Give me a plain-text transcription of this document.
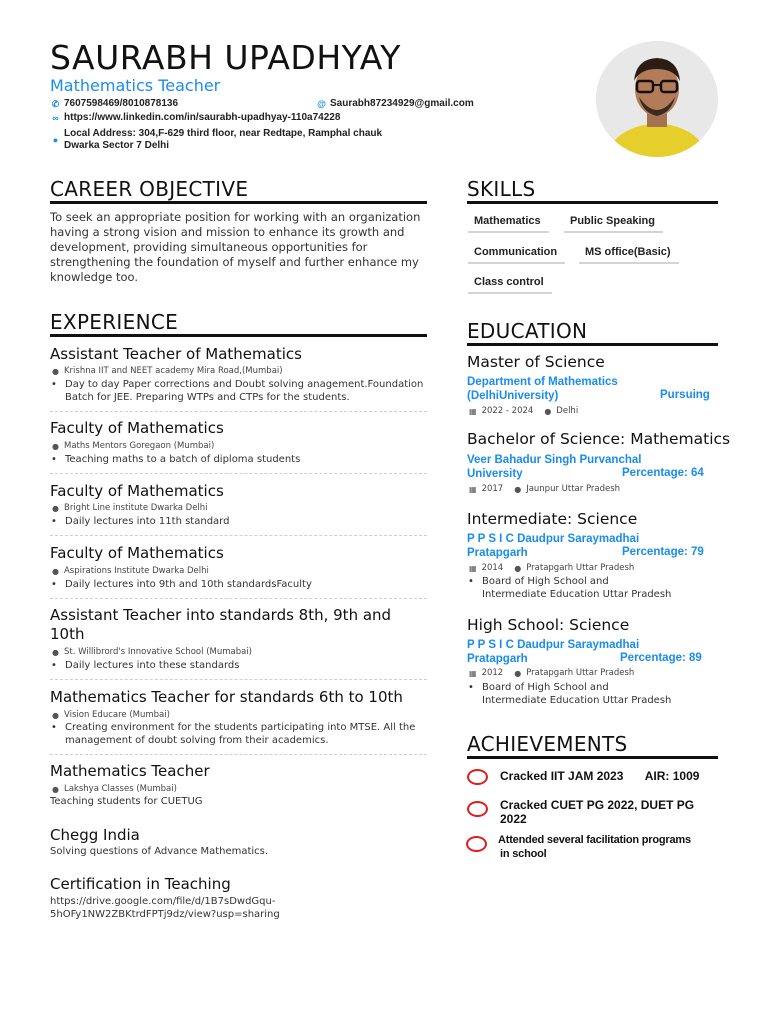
SAURABH UPADHYAY
Mathematics Teacher
✆ 7607598469/8010878136	@ Saurabh87234929@gmail.com
∞ https://www.linkedin.com/in/saurabh-upadhyay-110a74228
●
Local Address: 304,F-629 third floor, near Redtape, Ramphal chauk
Dwarka Sector 7 Delhi
CAREER OBJECTIVE
To seek an appropriate position for working with an organization
having a strong vision and mission to enhance its growth and
development, providing simultaneous opportunities for
strengthening the foundation of myself and further enhance my
knowledge too.
EXPERIENCE
Assistant Teacher of Mathematics
● Krishna IIT and NEET academy Mira Road,(Mumbai)
• Day to day Paper corrections and Doubt solving anagement.Foundation
Batch for JEE. Preparing WTPs and CTPs for the students.
Faculty of Mathematics
● Maths Mentors Goregaon (Mumbai)
• Teaching maths to a batch of diploma students
Faculty of Mathematics
● Bright Line institute Dwarka Delhi
• Daily lectures into 11th standard
Faculty of Mathematics
● Aspirations Institute Dwarka Delhi
• Daily lectures into 9th and 10th standardsFaculty
Assistant Teacher into standards 8th, 9th and
10th
● St. Willibrord's Innovative School (Mumabai)
• Daily lectures into these standards
Mathematics Teacher for standards 6th to 10th
● Vision Educare (Mumbai)
• Creating environment for the students participating into MTSE. All the
management of doubt solving from their academics.
Mathematics Teacher
● Lakshya Classes (Mumbai)
Teaching students for CUETUG
Chegg India
Solving questions of Advance Mathematics.
Certification in Teaching
https://drive.google.com/file/d/1B7sDwdGqu-
5hOFy1NW2ZBKtrdFPTj9dz/view?usp=sharing
SKILLS
Mathematics	Public Speaking
Communication	MS office(Basic)
Class control
EDUCATION
Master of Science
Department of Mathematics
(DelhiUniversity)	Pursuing
▦ 2022 - 2024 ● Delhi
Bachelor of Science: Mathematics
Veer Bahadur Singh Purvanchal
University	Percentage: 64
▦ 2017 ● Jaunpur Uttar Pradesh
Intermediate: Science
P P S I C Daudpur Saraymadhai
Pratapgarh	Percentage: 79
▦ 2014 ● Pratapgarh Uttar Pradesh
• Board of High School and
Intermediate Education Uttar Pradesh
High School: Science
P P S I C Daudpur Saraymadhai
Pratapgarh	Percentage: 89
▦ 2012 ● Pratapgarh Uttar Pradesh
• Board of High School and
Intermediate Education Uttar Pradesh
ACHIEVEMENTS
Cracked IIT JAM 2023 AIR: 1009
Cracked CUET PG 2022, DUET PG
2022
Attended several facilitation programs
in school
